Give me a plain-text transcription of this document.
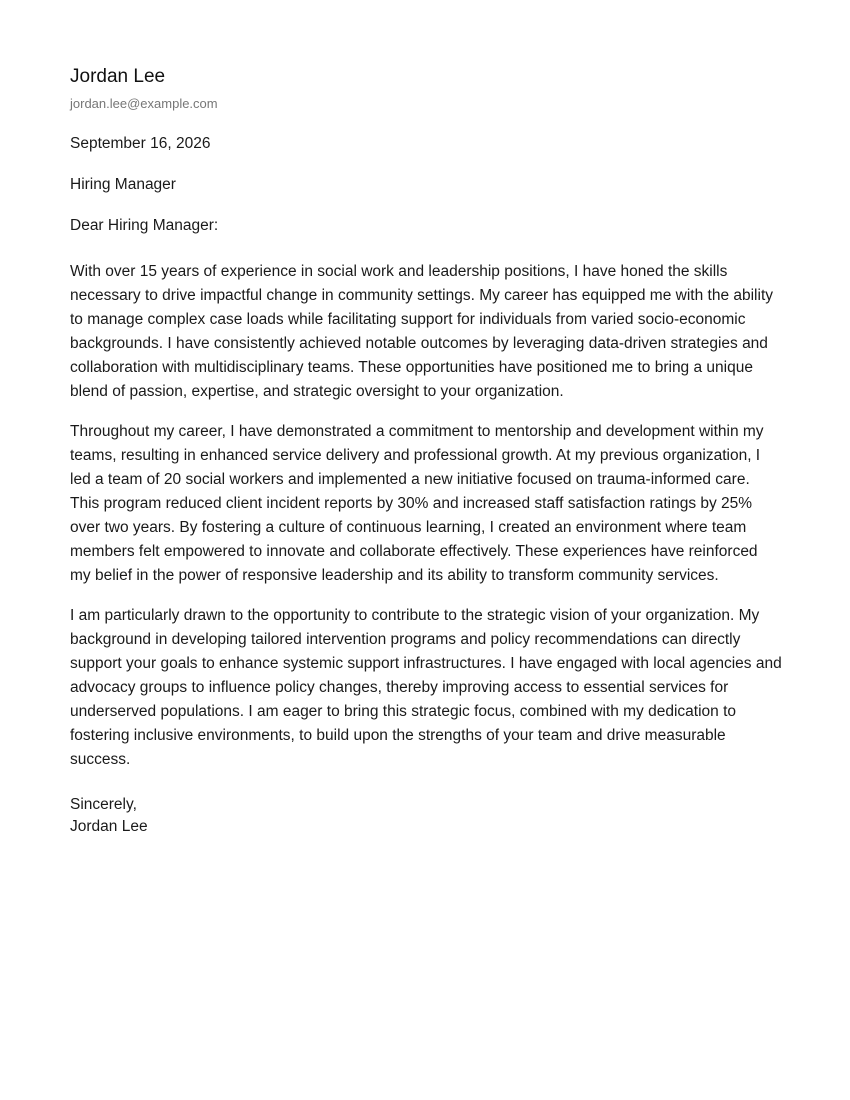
Jordan Lee
jordan.lee@example.com
September 16, 2026
Hiring Manager
Dear Hiring Manager:

With over 15 years of experience in social work and leadership positions, I have honed the skills necessary to drive impactful change in community settings. My career has equipped me with the ability to manage complex case loads while facilitating support for individuals from varied socio-economic backgrounds. I have consistently achieved notable outcomes by leveraging data-driven strategies and collaboration with multidisciplinary teams. These opportunities have positioned me to bring a unique blend of passion, expertise, and strategic oversight to your organization.

Throughout my career, I have demonstrated a commitment to mentorship and development within my teams, resulting in enhanced service delivery and professional growth. At my previous organization, I led a team of 20 social workers and implemented a new initiative focused on trauma-informed care. This program reduced client incident reports by 30% and increased staff satisfaction ratings by 25% over two years. By fostering a culture of continuous learning, I created an environment where team members felt empowered to innovate and collaborate effectively. These experiences have reinforced my belief in the power of responsive leadership and its ability to transform community services.

I am particularly drawn to the opportunity to contribute to the strategic vision of your organization. My background in developing tailored intervention programs and policy recommendations can directly support your goals to enhance systemic support infrastructures. I have engaged with local agencies and advocacy groups to influence policy changes, thereby improving access to essential services for underserved populations. I am eager to bring this strategic focus, combined with my dedication to fostering inclusive environments, to build upon the strengths of your team and drive measurable success.

Sincerely,
Jordan Lee
